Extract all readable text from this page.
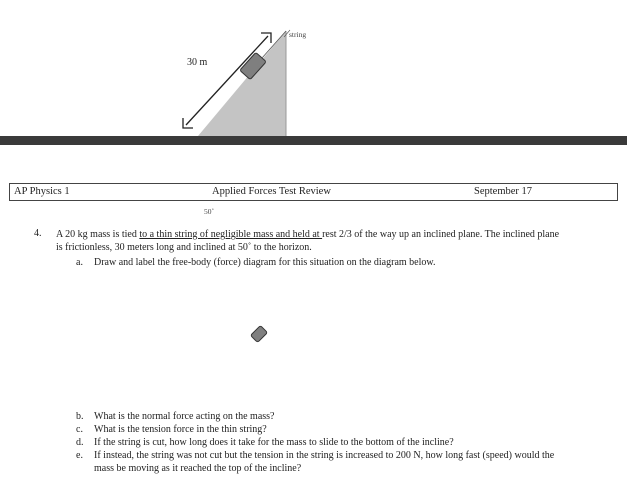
30 m
string
AP Physics 1	Applied Forces Test Review	September 17
50˚
4. A 20 kg mass is tied to a thin string of negligible mass and held at rest 2/3 of the way up an inclined plane. The inclined plane
is frictionless, 30 meters long and inclined at 50˚ to the horizon.
a. Draw and label the free-body (force) diagram for this situation on the diagram below.
b. What is the normal force acting on the mass?
c. What is the tension force in the thin string?
d. If the string is cut, how long does it take for the mass to slide to the bottom of the incline?
e. If instead, the string was not cut but the tension in the string is increased to 200 N, how long fast (speed) would the
mass be moving as it reached the top of the incline?
